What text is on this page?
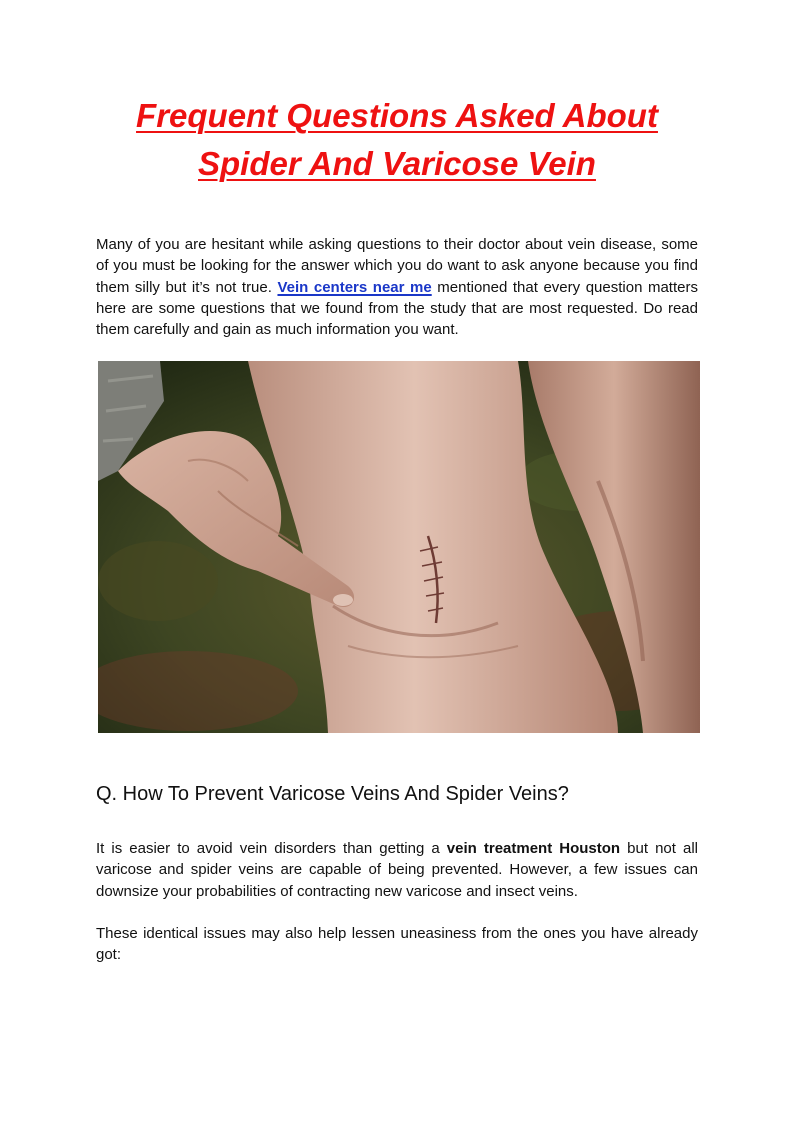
Frequent Questions Asked About
Spider And Varicose Vein

Many of you are hesitant while asking questions to their doctor about vein disease, some of you must be looking for the answer which you do want to ask anyone because you find them silly but it’s not true. Vein centers near me mentioned that every question matters here are some questions that we found from the study that are most requested. Do read them carefully and gain as much information you want.

Q. How To Prevent Varicose Veins And Spider Veins?

It is easier to avoid vein disorders than getting a vein treatment Houston but not all varicose and spider veins are capable of being prevented. However, a few issues can downsize your probabilities of contracting new varicose and insect veins.

These identical issues may also help lessen uneasiness from the ones you have already got:
